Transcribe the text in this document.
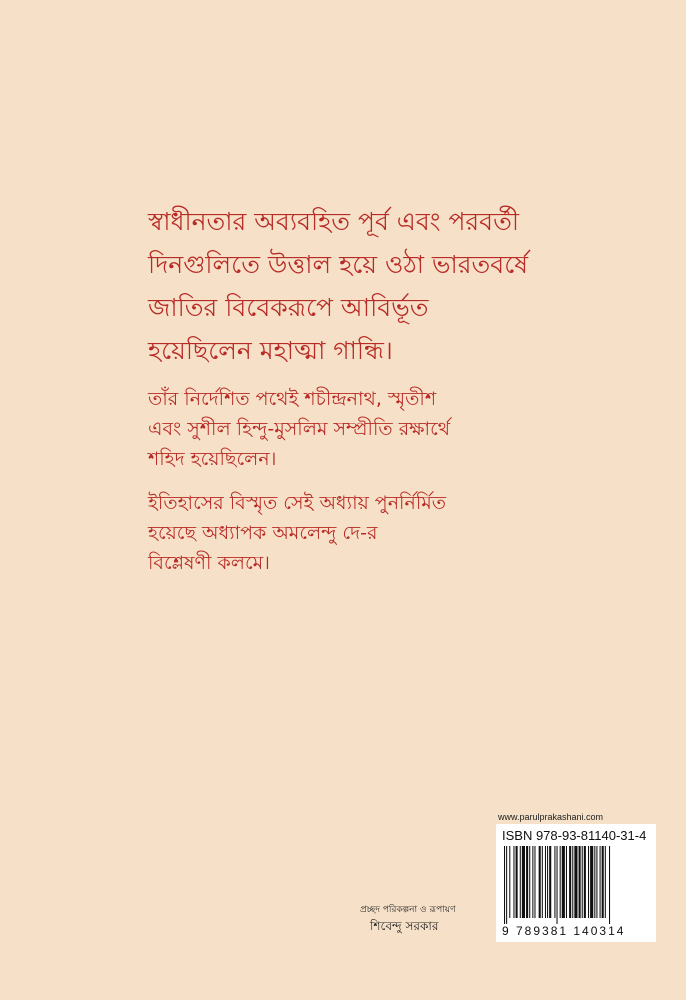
স্বাধীনতার অব্যবহিত পূর্ব এবং পরবর্তী
দিনগুলিতে উত্তাল হয়ে ওঠা ভারতবর্ষে
জাতির বিবেকরূপে আবির্ভূত
হয়েছিলেন মহাত্মা গান্ধি।
তাঁর নির্দেশিত পথেই শচীন্দ্রনাথ, স্মৃতীশ
এবং সুশীল হিন্দু-মুসলিম সম্প্রীতি রক্ষার্থে
শহিদ হয়েছিলেন।
ইতিহাসের বিস্মৃত সেই অধ্যায় পুনর্নির্মিত
হয়েছে অধ্যাপক অমলেন্দু দে-র
বিশ্লেষণী কলমে।
www.parulprakashani.com
ISBN 978-93-81140-31-4
9 789381 140314
প্রচ্ছদ পরিকল্পনা ও রূপায়ণ
শিবেন্দু সরকার
